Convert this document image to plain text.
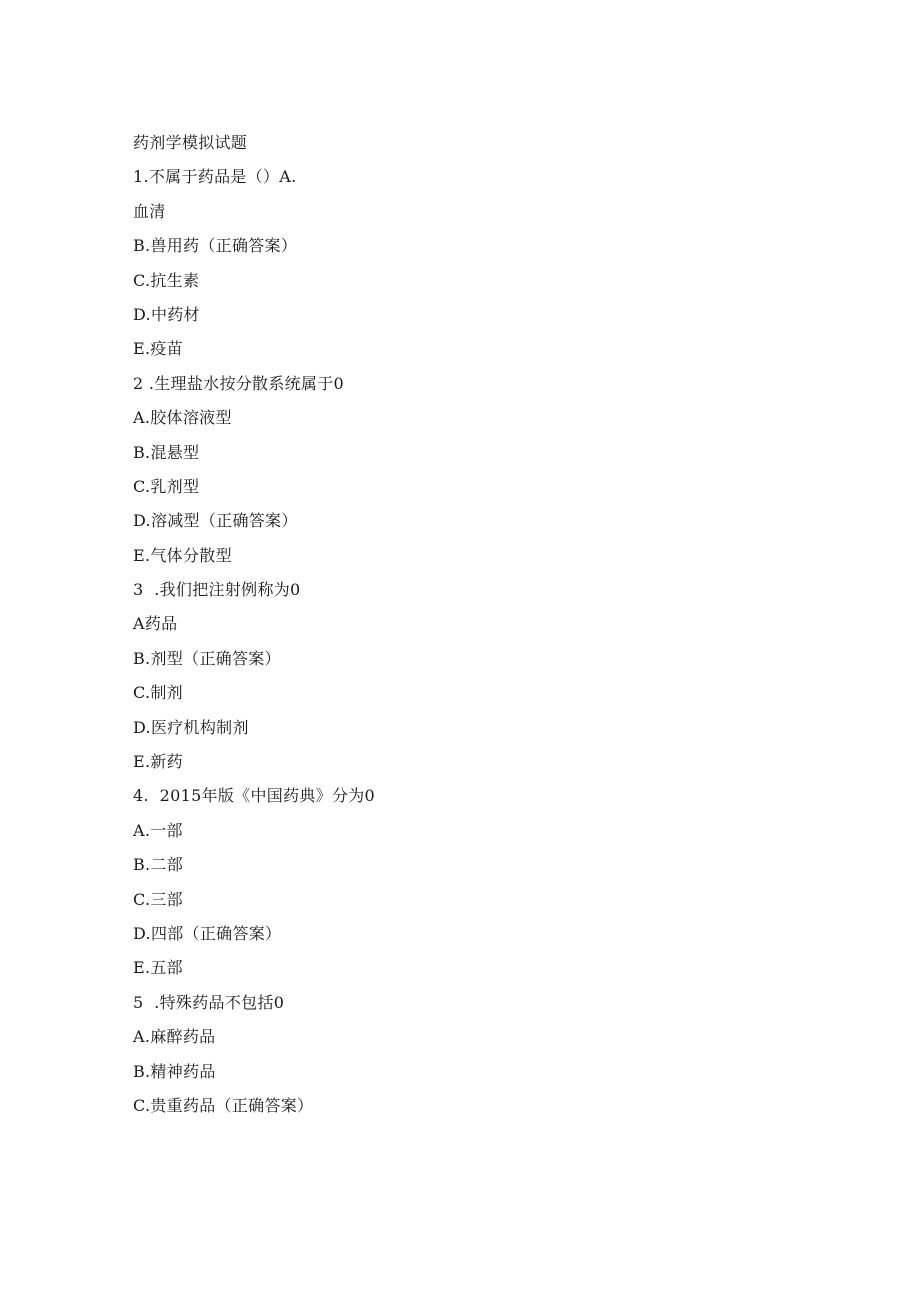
药剂学模拟试题
1.不属于药品是（）A.
血清
B.兽用药（正确答案）
C.抗生素
D.中药材
E.疫苗
2 .生理盐水按分散系统属于0
A.胶体溶液型
B.混悬型
C.乳剂型
D.溶减型（正确答案）
E.气体分散型
3  .我们把注射例称为0
A药品
B.剂型（正确答案）
C.制剂
D.医疗机构制剂
E.新药
4.  2015年版《中国药典》分为0
A.一部
B.二部
C.三部
D.四部（正确答案）
E.五部
5  .特殊药品不包括0
A.麻醉药品
B.精神药品
C.贵重药品（正确答案）
